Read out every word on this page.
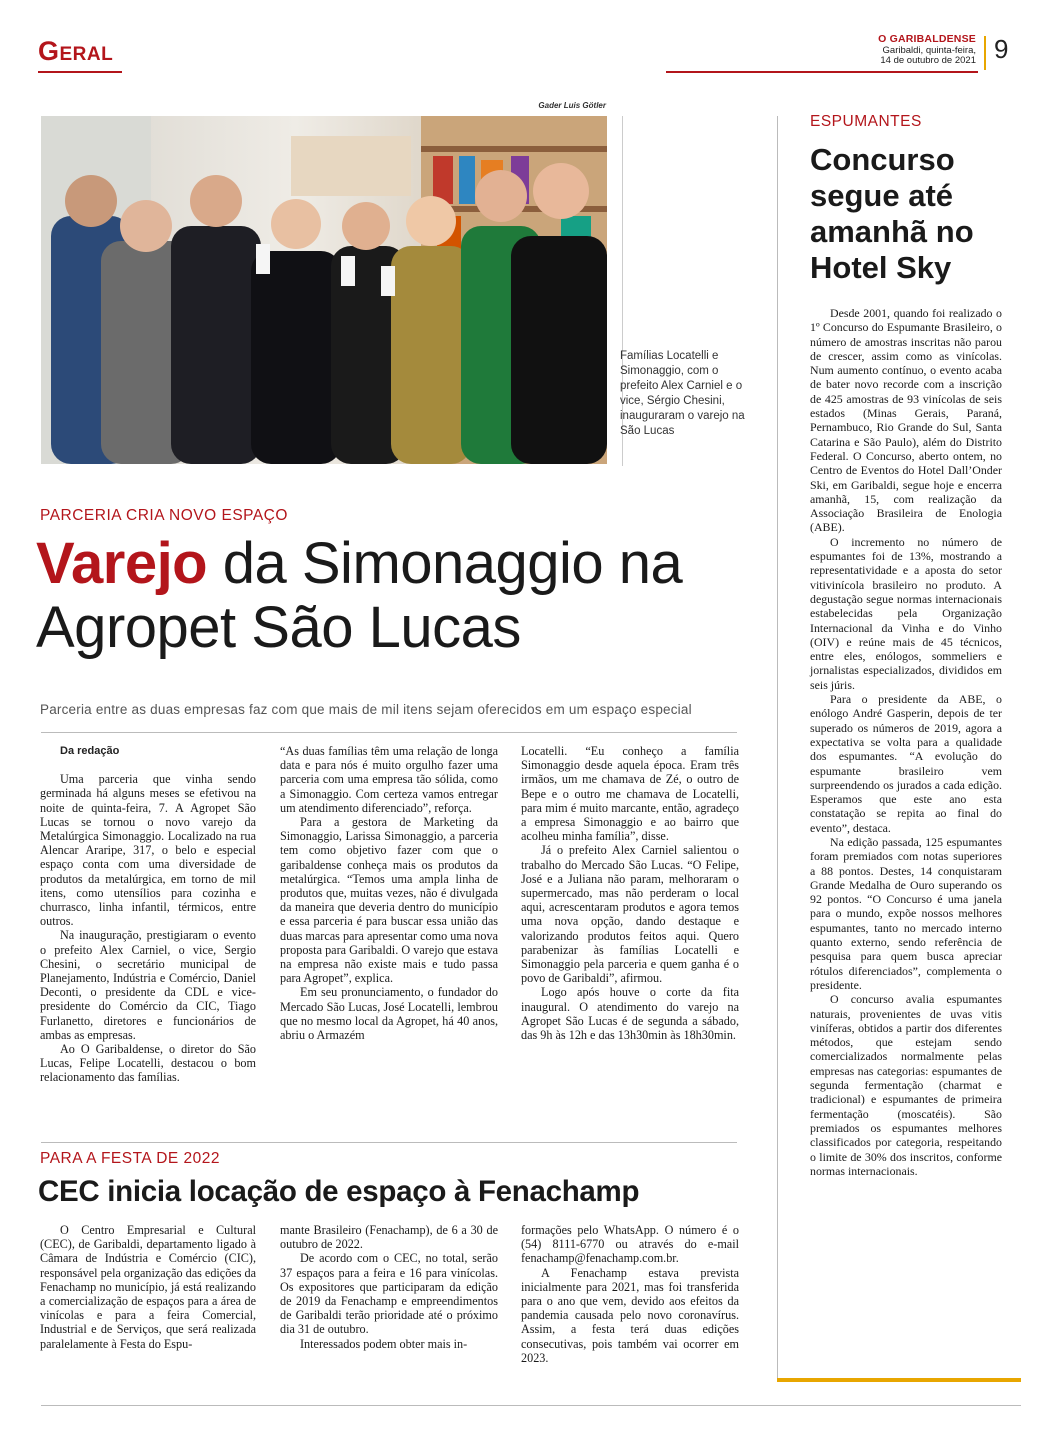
Geral	O GARIBALDENSE
Garibaldi, quinta-feira,
14 de outubro de 2021 9
Gader Luis Götler
Famílias Locatelli e Simonaggio, com o prefeito Alex Carniel e o vice, Sérgio Chesini, inauguraram o varejo na São Lucas
PARCERIA CRIA NOVO ESPAÇO
Varejo da Simonaggio na Agropet São Lucas
Parceria entre as duas empresas faz com que mais de mil itens sejam oferecidos em um espaço especial
Da redação

Uma parceria que vinha sendo germinada há alguns meses se efetivou na noite de quinta-feira, 7. A Agropet São Lucas se tornou o novo varejo da Metalúrgica Simonaggio. Localizado na rua Alencar Araripe, 317, o belo e especial espaço conta com uma diversidade de produtos da metalúrgica, em torno de mil itens, como utensílios para cozinha e churrasco, linha infantil, térmicos, entre outros.

Na inauguração, prestigiaram o evento o prefeito Alex Carniel, o vice, Sergio Chesini, o secretário municipal de Planejamento, Indústria e Comércio, Daniel Deconti, o presidente da CDL e vice-presidente do Comércio da CIC, Tiago Furlanetto, diretores e funcionários de ambas as empresas.

Ao O Garibaldense, o diretor do São Lucas, Felipe Locatelli, destacou o bom relacionamento das famílias.

“As duas famílias têm uma relação de longa data e para nós é muito orgulho fazer uma parceria com uma empresa tão sólida, como a Simonaggio. Com certeza vamos entregar um atendimento diferenciado”, reforça.

Para a gestora de Marketing da Simonaggio, Larissa Simonaggio, a parceria tem como objetivo fazer com que o garibaldense conheça mais os produtos da metalúrgica. “Temos uma ampla linha de produtos que, muitas vezes, não é divulgada da maneira que deveria dentro do município e essa parceria é para buscar essa união das duas marcas para apresentar como uma nova proposta para Garibaldi. O varejo que estava na empresa não existe mais e tudo passa para Agropet”, explica.

Em seu pronunciamento, o fundador do Mercado São Lucas, José Locatelli, lembrou que no mesmo local da Agropet, há 40 anos, abriu o Armazém

Locatelli. “Eu conheço a família Simonaggio desde aquela época. Eram três irmãos, um me chamava de Zé, o outro de Bepe e o outro me chamava de Locatelli, para mim é muito marcante, então, agradeço a empresa Simonaggio e ao bairro que acolheu minha família”, disse.

Já o prefeito Alex Carniel salientou o trabalho do Mercado São Lucas. “O Felipe, José e a Juliana não param, melhoraram o supermercado, mas não perderam o local aqui, acrescentaram produtos e agora temos uma nova opção, dando destaque e valorizando produtos feitos aqui. Quero parabenizar às famílias Locatelli e Simonaggio pela parceria e quem ganha é o povo de Garibaldi”, afirmou.

Logo após houve o corte da fita inaugural. O atendimento do varejo na Agropet São Lucas é de segunda a sábado, das 9h às 12h e das 13h30min às 18h30min.

PARA A FESTA DE 2022
CEC inicia locação de espaço à Fenachamp

O Centro Empresarial e Cultural (CEC), de Garibaldi, departamento ligado à Câmara de Indústria e Comércio (CIC), responsável pela organização das edições da Fenachamp no município, já está realizando a comercialização de espaços para a área de vinícolas e para a feira Comercial, Industrial e de Serviços, que será realizada paralelamente à Festa do Espu-

mante Brasileiro (Fenachamp), de 6 a 30 de outubro de 2022.

De acordo com o CEC, no total, serão 37 espaços para a feira e 16 para vinícolas. Os expositores que participaram da edição de 2019 da Fenachamp e empreendimentos de Garibaldi terão prioridade até o próximo dia 31 de outubro.

Interessados podem obter mais in-

formações pelo WhatsApp. O número é o (54) 8111-6770 ou através do e-mail fenachamp@fenachamp.com.br.

A Fenachamp estava prevista inicialmente para 2021, mas foi transferida para o ano que vem, devido aos efeitos da pandemia causada pelo novo coronavírus. Assim, a festa terá duas edições consecutivas, pois também vai ocorrer em 2023.

ESPUMANTES
Concurso segue até amanhã no Hotel Sky

Desde 2001, quando foi realizado o 1º Concurso do Espumante Brasileiro, o número de amostras inscritas não parou de crescer, assim como as vinícolas. Num aumento contínuo, o evento acaba de bater novo recorde com a inscrição de 425 amostras de 93 vinícolas de seis estados (Minas Gerais, Paraná, Pernambuco, Rio Grande do Sul, Santa Catarina e São Paulo), além do Distrito Federal. O Concurso, aberto ontem, no Centro de Eventos do Hotel Dall’Onder Ski, em Garibaldi, segue hoje e encerra amanhã, 15, com realização da Associação Brasileira de Enologia (ABE).

O incremento no número de espumantes foi de 13%, mostrando a representatividade e a aposta do setor vitivinícola brasileiro no produto. A degustação segue normas internacionais estabelecidas pela Organização Internacional da Vinha e do Vinho (OIV) e reúne mais de 45 técnicos, entre eles, enólogos, sommeliers e jornalistas especializados, divididos em seis júris.

Para o presidente da ABE, o enólogo André Gasperin, depois de ter superado os números de 2019, agora a expectativa se volta para a qualidade dos espumantes. “A evolução do espumante brasileiro vem surpreendendo os jurados a cada edição. Esperamos que este ano esta constatação se repita ao final do evento”, destaca.

Na edição passada, 125 espumantes foram premiados com notas superiores a 88 pontos. Destes, 14 conquistaram Grande Medalha de Ouro superando os 92 pontos. “O Concurso é uma janela para o mundo, expõe nossos melhores espumantes, tanto no mercado interno quanto externo, sendo referência de pesquisa para quem busca apreciar rótulos diferenciados”, complementa o presidente.

O concurso avalia espumantes naturais, provenientes de uvas vitis viníferas, obtidos a partir dos diferentes métodos, que estejam sendo comercializados normalmente pelas empresas nas categorias: espumantes de segunda fermentação (charmat e tradicional) e espumantes de primeira fermentação (moscatéis). São premiados os espumantes melhores classificados por categoria, respeitando o limite de 30% dos inscritos, conforme normas internacionais.
